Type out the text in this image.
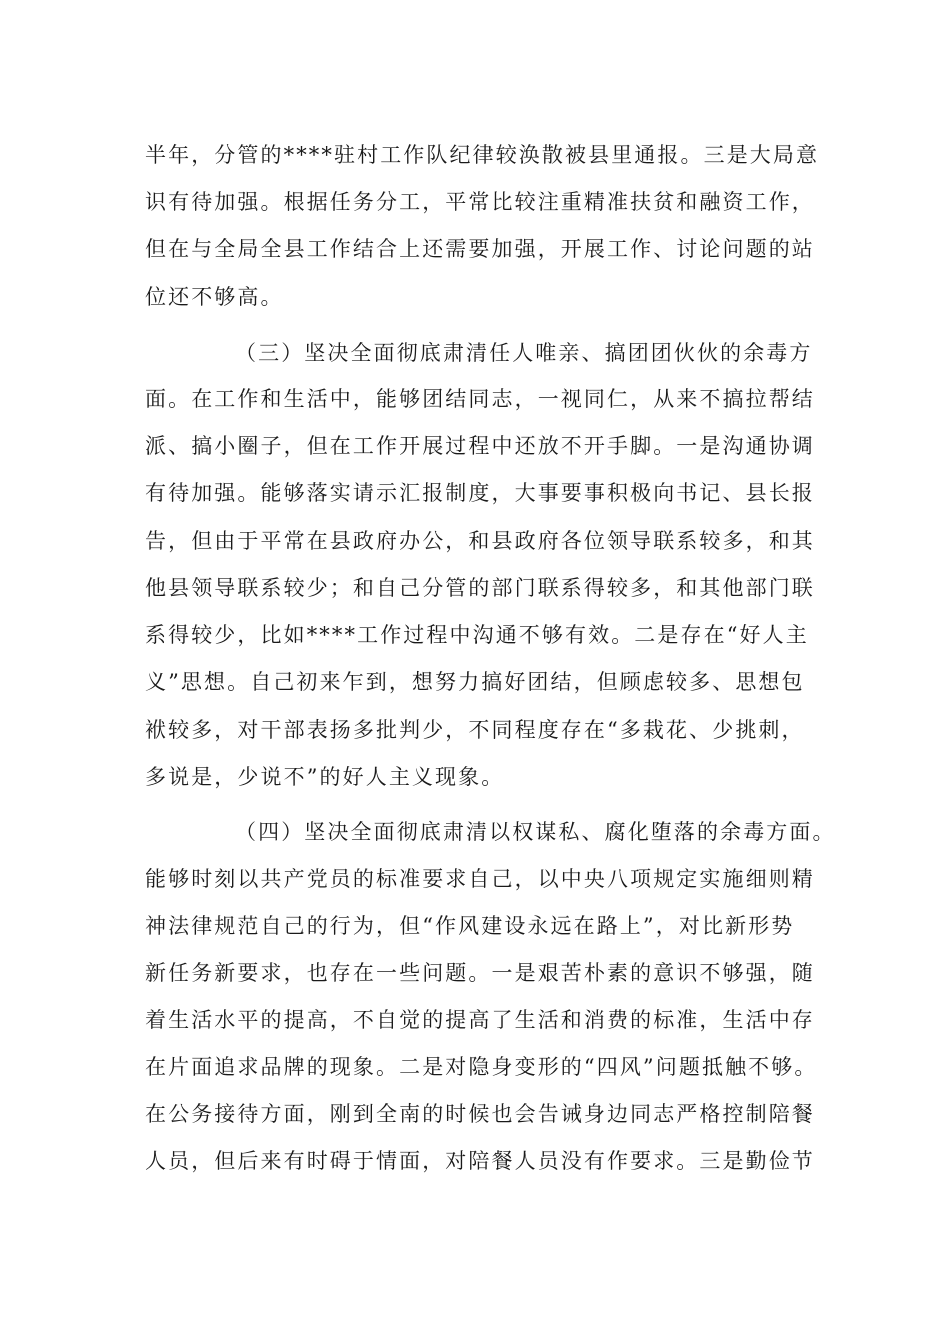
半年，分管的****驻村工作队纪律较涣散被县里通报。三是大局意
识有待加强。根据任务分工，平常比较注重精准扶贫和融资工作，
但在与全局全县工作结合上还需要加强，开展工作、讨论问题的站
位还不够高。
（三）坚决全面彻底肃清任人唯亲、搞团团伙伙的余毒方
面。在工作和生活中，能够团结同志，一视同仁，从来不搞拉帮结
派、搞小圈子，但在工作开展过程中还放不开手脚。一是沟通协调
有待加强。能够落实请示汇报制度，大事要事积极向书记、县长报
告，但由于平常在县政府办公，和县政府各位领导联系较多，和其
他县领导联系较少；和自己分管的部门联系得较多，和其他部门联
系得较少，比如****工作过程中沟通不够有效。二是存在“好人主
义”思想。自己初来乍到，想努力搞好团结，但顾虑较多、思想包
袱较多，对干部表扬多批判少，不同程度存在“多栽花、少挑刺，
多说是，少说不”的好人主义现象。
（四）坚决全面彻底肃清以权谋私、腐化堕落的余毒方面。
能够时刻以共产党员的标准要求自己，以中央八项规定实施细则精
神法律规范自己的行为，但“作风建设永远在路上”，对比新形势
新任务新要求，也存在一些问题。一是艰苦朴素的意识不够强，随
着生活水平的提高，不自觉的提高了生活和消费的标准，生活中存
在片面追求品牌的现象。二是对隐身变形的“四风”问题抵触不够。
在公务接待方面，刚到全南的时候也会告诫身边同志严格控制陪餐
人员，但后来有时碍于情面，对陪餐人员没有作要求。三是勤俭节
